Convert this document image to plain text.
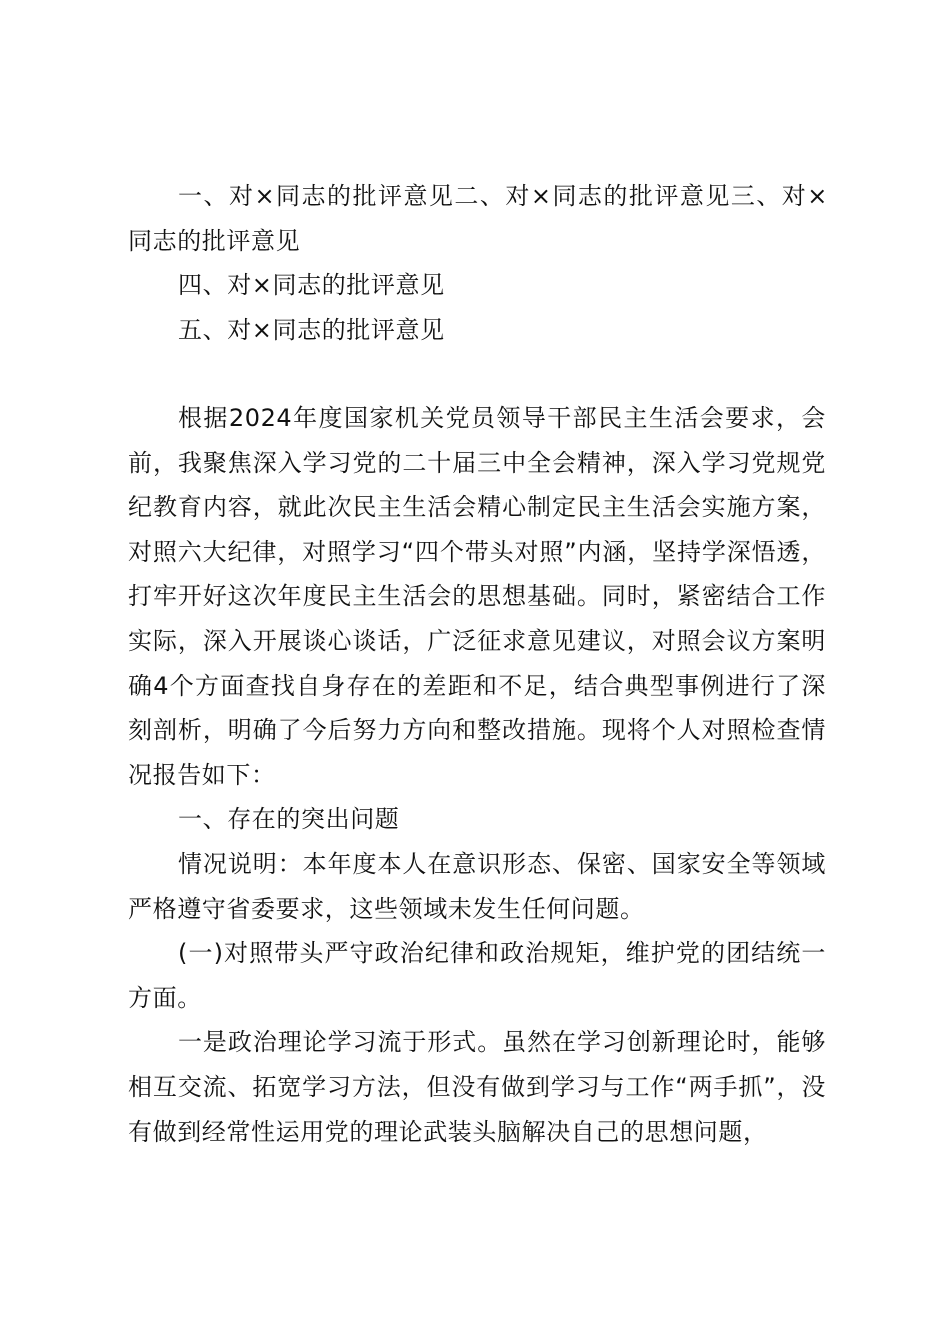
一、对×同志的批评意见二、对×同志的批评意见三、对×同志的批评意见

四、对×同志的批评意见

五、对×同志的批评意见

根据2024年度国家机关党员领导干部民主生活会要求，会前，我聚焦深入学习党的二十届三中全会精神，深入学习党规党纪教育内容，就此次民主生活会精心制定民主生活会实施方案，对照六大纪律，对照学习“四个带头对照”内涵，坚持学深悟透，打牢开好这次年度民主生活会的思想基础。同时，紧密结合工作实际，深入开展谈心谈话，广泛征求意见建议，对照会议方案明确4个方面查找自身存在的差距和不足，结合典型事例进行了深刻剖析，明确了今后努力方向和整改措施。现将个人对照检查情况报告如下：

一、存在的突出问题

情况说明：本年度本人在意识形态、保密、国家安全等领域严格遵守省委要求，这些领域未发生任何问题。

(一)对照带头严守政治纪律和政治规矩，维护党的团结统一方面。

一是政治理论学习流于形式。虽然在学习创新理论时，能够相互交流、拓宽学习方法，但没有做到学习与工作“两手抓”，没有做到经常性运用党的理论武装头脑解决自己的思想问题，
